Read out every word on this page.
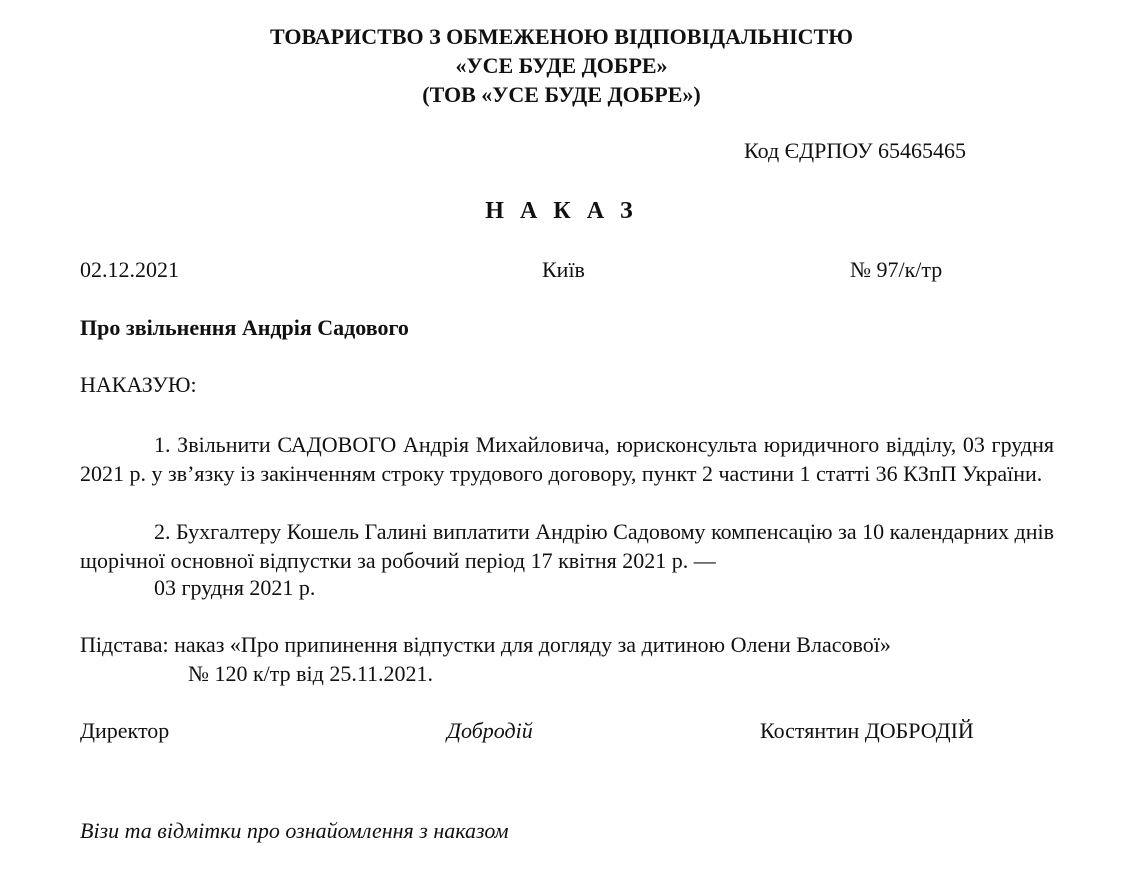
ТОВАРИСТВО З ОБМЕЖЕНОЮ ВІДПОВІДАЛЬНІСТЮ
«УСЕ БУДЕ ДОБРЕ»
(ТОВ «УСЕ БУДЕ ДОБРЕ»)
Код ЄДРПОУ 65465465
Н А К А З
02.12.2021	Київ	№ 97/к/тр
Про звільнення Андрія Садового
НАКАЗУЮ:
1. Звільнити САДОВОГО Андрія Михайловича, юрисконсульта юридичного відділу, 03 грудня 2021 р. у зв’язку із закінченням строку трудового договору, пункт 2 частини 1 статті 36 КЗпП України.
2. Бухгалтеру Кошель Галині виплатити Андрію Садовому компенсацію за 10 календарних днів щорічної основної відпустки за робочий період 17 квітня 2021 р. —
03 грудня 2021 р.
Підстава: наказ «Про припинення відпустки для догляду за дитиною Олени Власової»
№ 120 к/тр від 25.11.2021.
Директор	Добродій	Костянтин ДОБРОДІЙ
Візи та відмітки про ознайомлення з наказом
